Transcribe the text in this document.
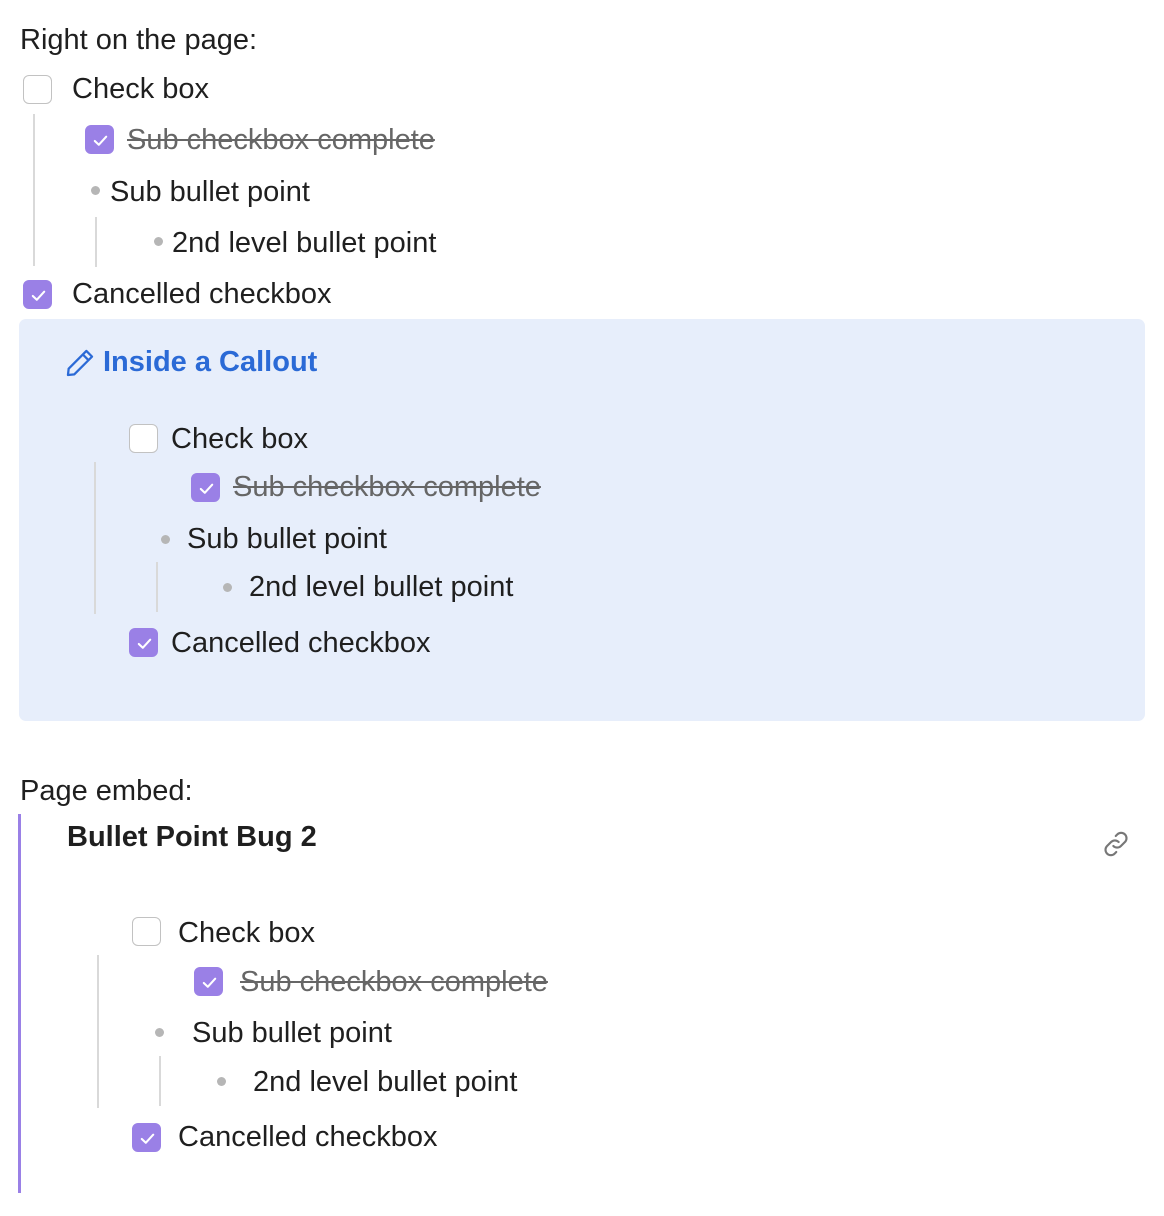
Right on the page:
Check box
Sub checkbox complete
Sub bullet point
2nd level bullet point
Cancelled checkbox
Inside a Callout
Check box
Sub checkbox complete
Sub bullet point
2nd level bullet point
Cancelled checkbox
Page embed:
Bullet Point Bug 2
Check box
Sub checkbox complete
Sub bullet point
2nd level bullet point
Cancelled checkbox
